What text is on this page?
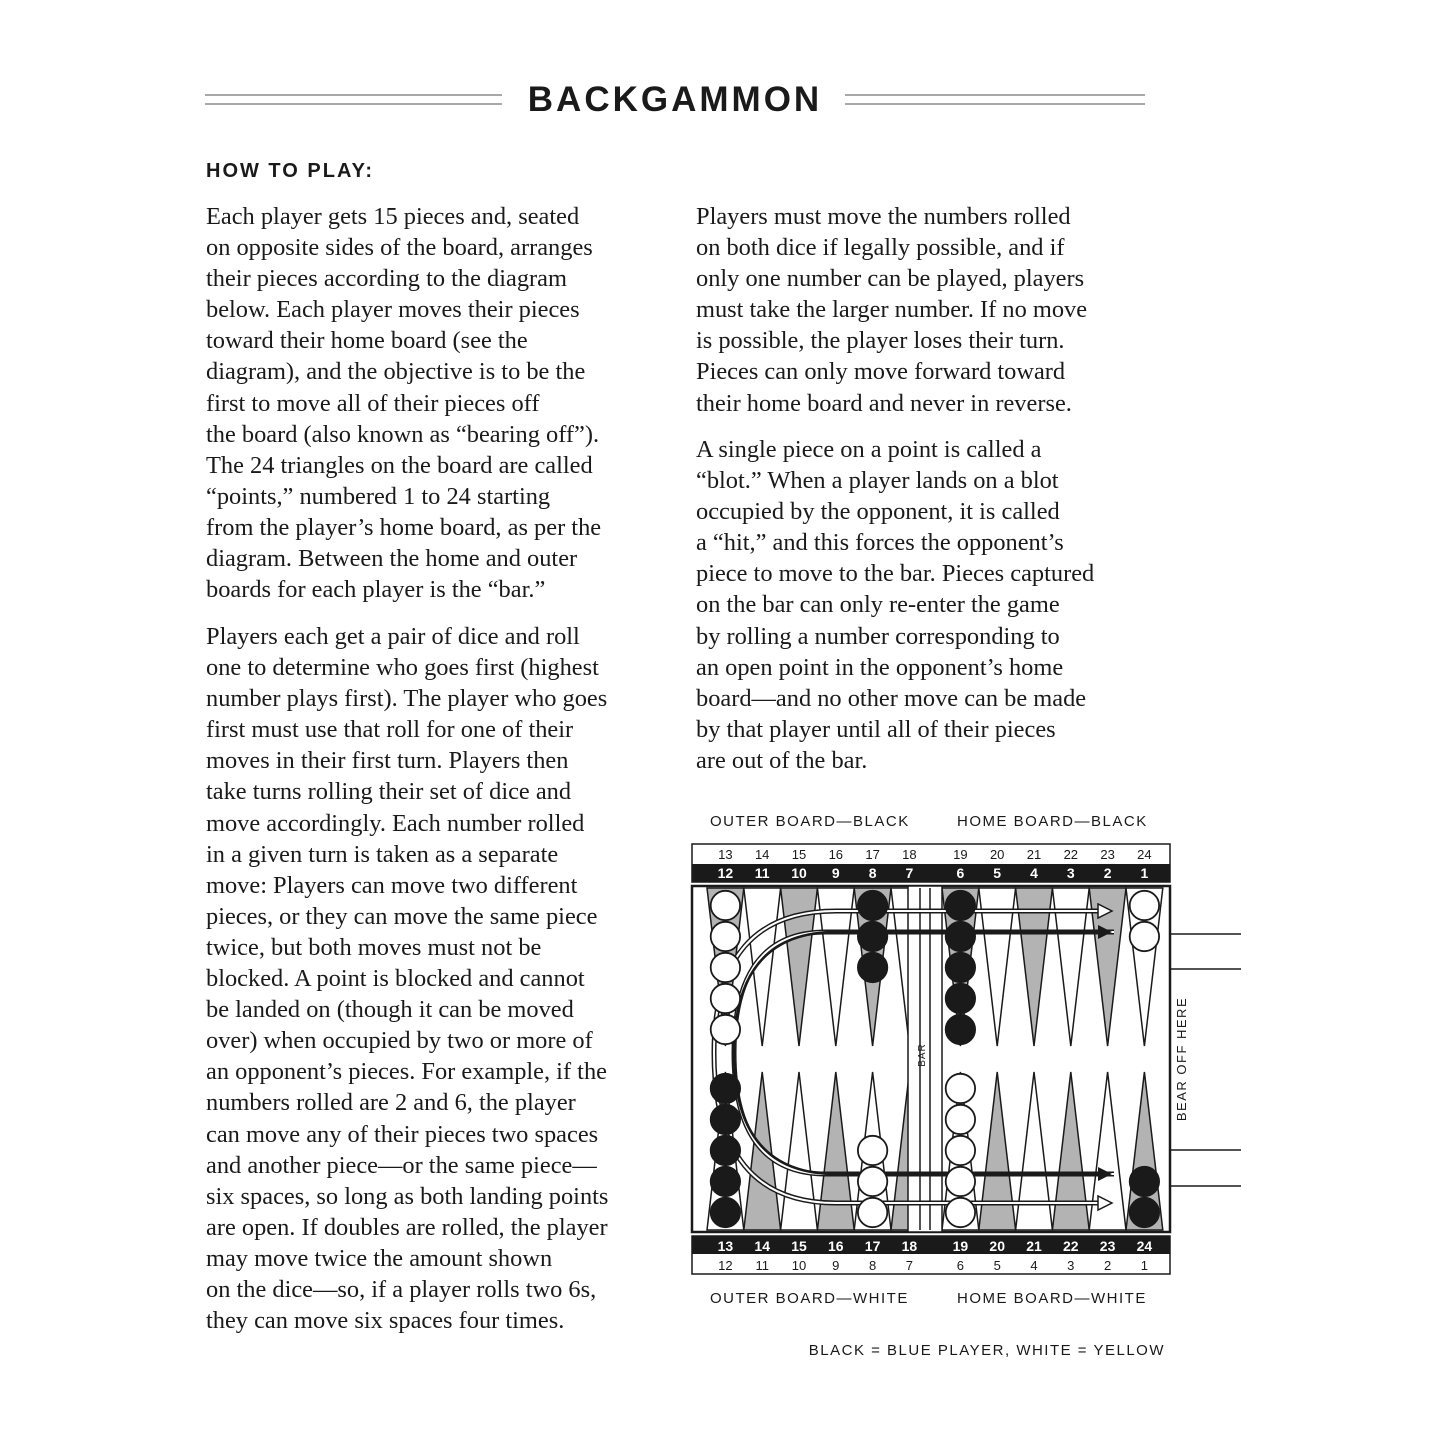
BACKGAMMON
HOW TO PLAY:

Each player gets 15 pieces and, seated
on opposite sides of the board, arranges
their pieces according to the diagram
below. Each player moves their pieces
toward their home board (see the
diagram), and the objective is to be the
first to move all of their pieces off
the board (also known as “bearing off”).
The 24 triangles on the board are called
“points,” numbered 1 to 24 starting
from the player’s home board, as per the
diagram. Between the home and outer
boards for each player is the “bar.”

Players each get a pair of dice and roll
one to determine who goes first (highest
number plays first). The player who goes
first must use that roll for one of their
moves in their first turn. Players then
take turns rolling their set of dice and
move accordingly. Each number rolled
in a given turn is taken as a separate
move: Players can move two different
pieces, or they can move the same piece
twice, but both moves must not be
blocked. A point is blocked and cannot
be landed on (though it can be moved
over) when occupied by two or more of
an opponent’s pieces. For example, if the
numbers rolled are 2 and 6, the player
can move any of their pieces two spaces
and another piece—or the same piece—
six spaces, so long as both landing points
are open. If doubles are rolled, the player
may move twice the amount shown
on the dice—so, if a player rolls two 6s,
they can move six spaces four times.

Players must move the numbers rolled
on both dice if legally possible, and if
only one number can be played, players
must take the larger number. If no move
is possible, the player loses their turn.
Pieces can only move forward toward
their home board and never in reverse.

A single piece on a point is called a
“blot.” When a player lands on a blot
occupied by the opponent, it is called
a “hit,” and this forces the opponent’s
piece to move to the bar. Pieces captured
on the bar can only re-enter the game
by rolling a number corresponding to
an open point in the opponent’s home
board—and no other move can be made
by that player until all of their pieces
are out of the bar.

OUTER BOARD—BLACK	HOME BOARD—BLACK
13
12
13
12
14
11
14
11
15
10
15
10
16
9
16
9
17
8
17
8
18
7
18
7
19
6
19
6
20
5
20
5
21
4
21
4
22
3
22
3
23
2
23
2
24
1
24
1
BAR	BEAR OFF HERE
OUTER BOARD—WHITE	HOME BOARD—WHITE
BLACK = BLUE PLAYER, WHITE = YELLOW
